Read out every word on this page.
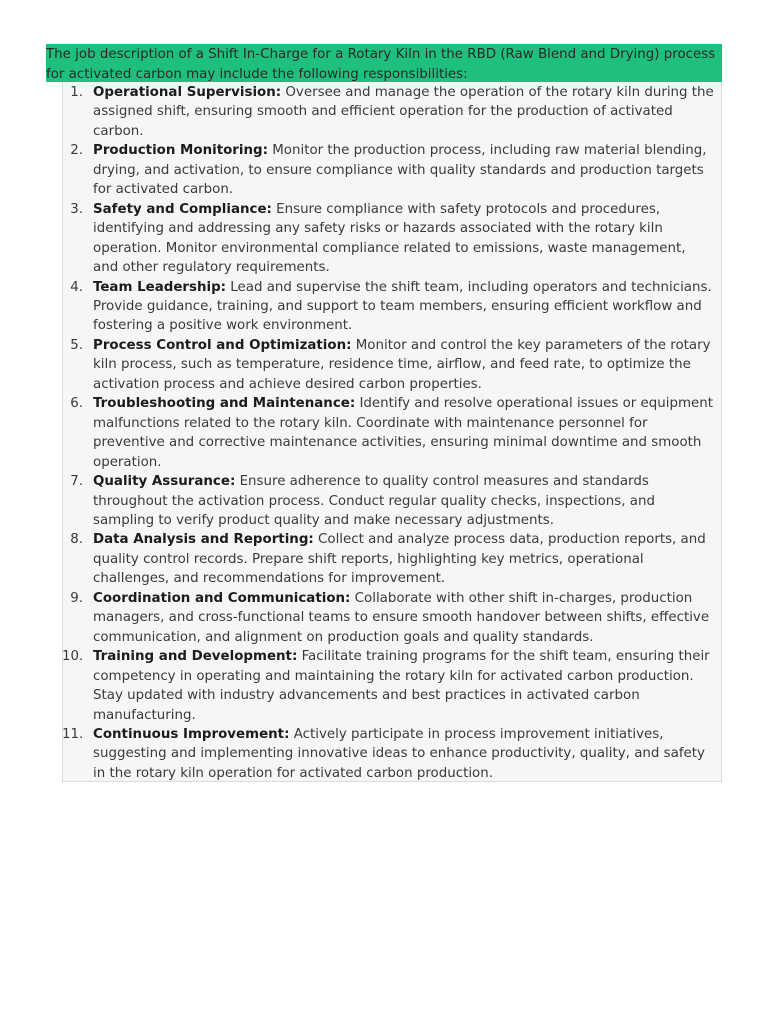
The job description of a Shift In-Charge for a Rotary Kiln in the RBD (Raw Blend and Drying) process for activated carbon may include the following responsibilities:
1. Operational Supervision: Oversee and manage the operation of the rotary kiln during the assigned shift, ensuring smooth and efficient operation for the production of activated carbon.
2. Production Monitoring: Monitor the production process, including raw material blending, drying, and activation, to ensure compliance with quality standards and production targets for activated carbon.
3. Safety and Compliance: Ensure compliance with safety protocols and procedures, identifying and addressing any safety risks or hazards associated with the rotary kiln operation. Monitor environmental compliance related to emissions, waste management, and other regulatory requirements.
4. Team Leadership: Lead and supervise the shift team, including operators and technicians. Provide guidance, training, and support to team members, ensuring efficient workflow and fostering a positive work environment.
5. Process Control and Optimization: Monitor and control the key parameters of the rotary kiln process, such as temperature, residence time, airflow, and feed rate, to optimize the activation process and achieve desired carbon properties.
6. Troubleshooting and Maintenance: Identify and resolve operational issues or equipment malfunctions related to the rotary kiln. Coordinate with maintenance personnel for preventive and corrective maintenance activities, ensuring minimal downtime and smooth operation.
7. Quality Assurance: Ensure adherence to quality control measures and standards throughout the activation process. Conduct regular quality checks, inspections, and sampling to verify product quality and make necessary adjustments.
8. Data Analysis and Reporting: Collect and analyze process data, production reports, and quality control records. Prepare shift reports, highlighting key metrics, operational challenges, and recommendations for improvement.
9. Coordination and Communication: Collaborate with other shift in-charges, production managers, and cross-functional teams to ensure smooth handover between shifts, effective communication, and alignment on production goals and quality standards.
10. Training and Development: Facilitate training programs for the shift team, ensuring their competency in operating and maintaining the rotary kiln for activated carbon production. Stay updated with industry advancements and best practices in activated carbon manufacturing.
11. Continuous Improvement: Actively participate in process improvement initiatives, suggesting and implementing innovative ideas to enhance productivity, quality, and safety in the rotary kiln operation for activated carbon production.
